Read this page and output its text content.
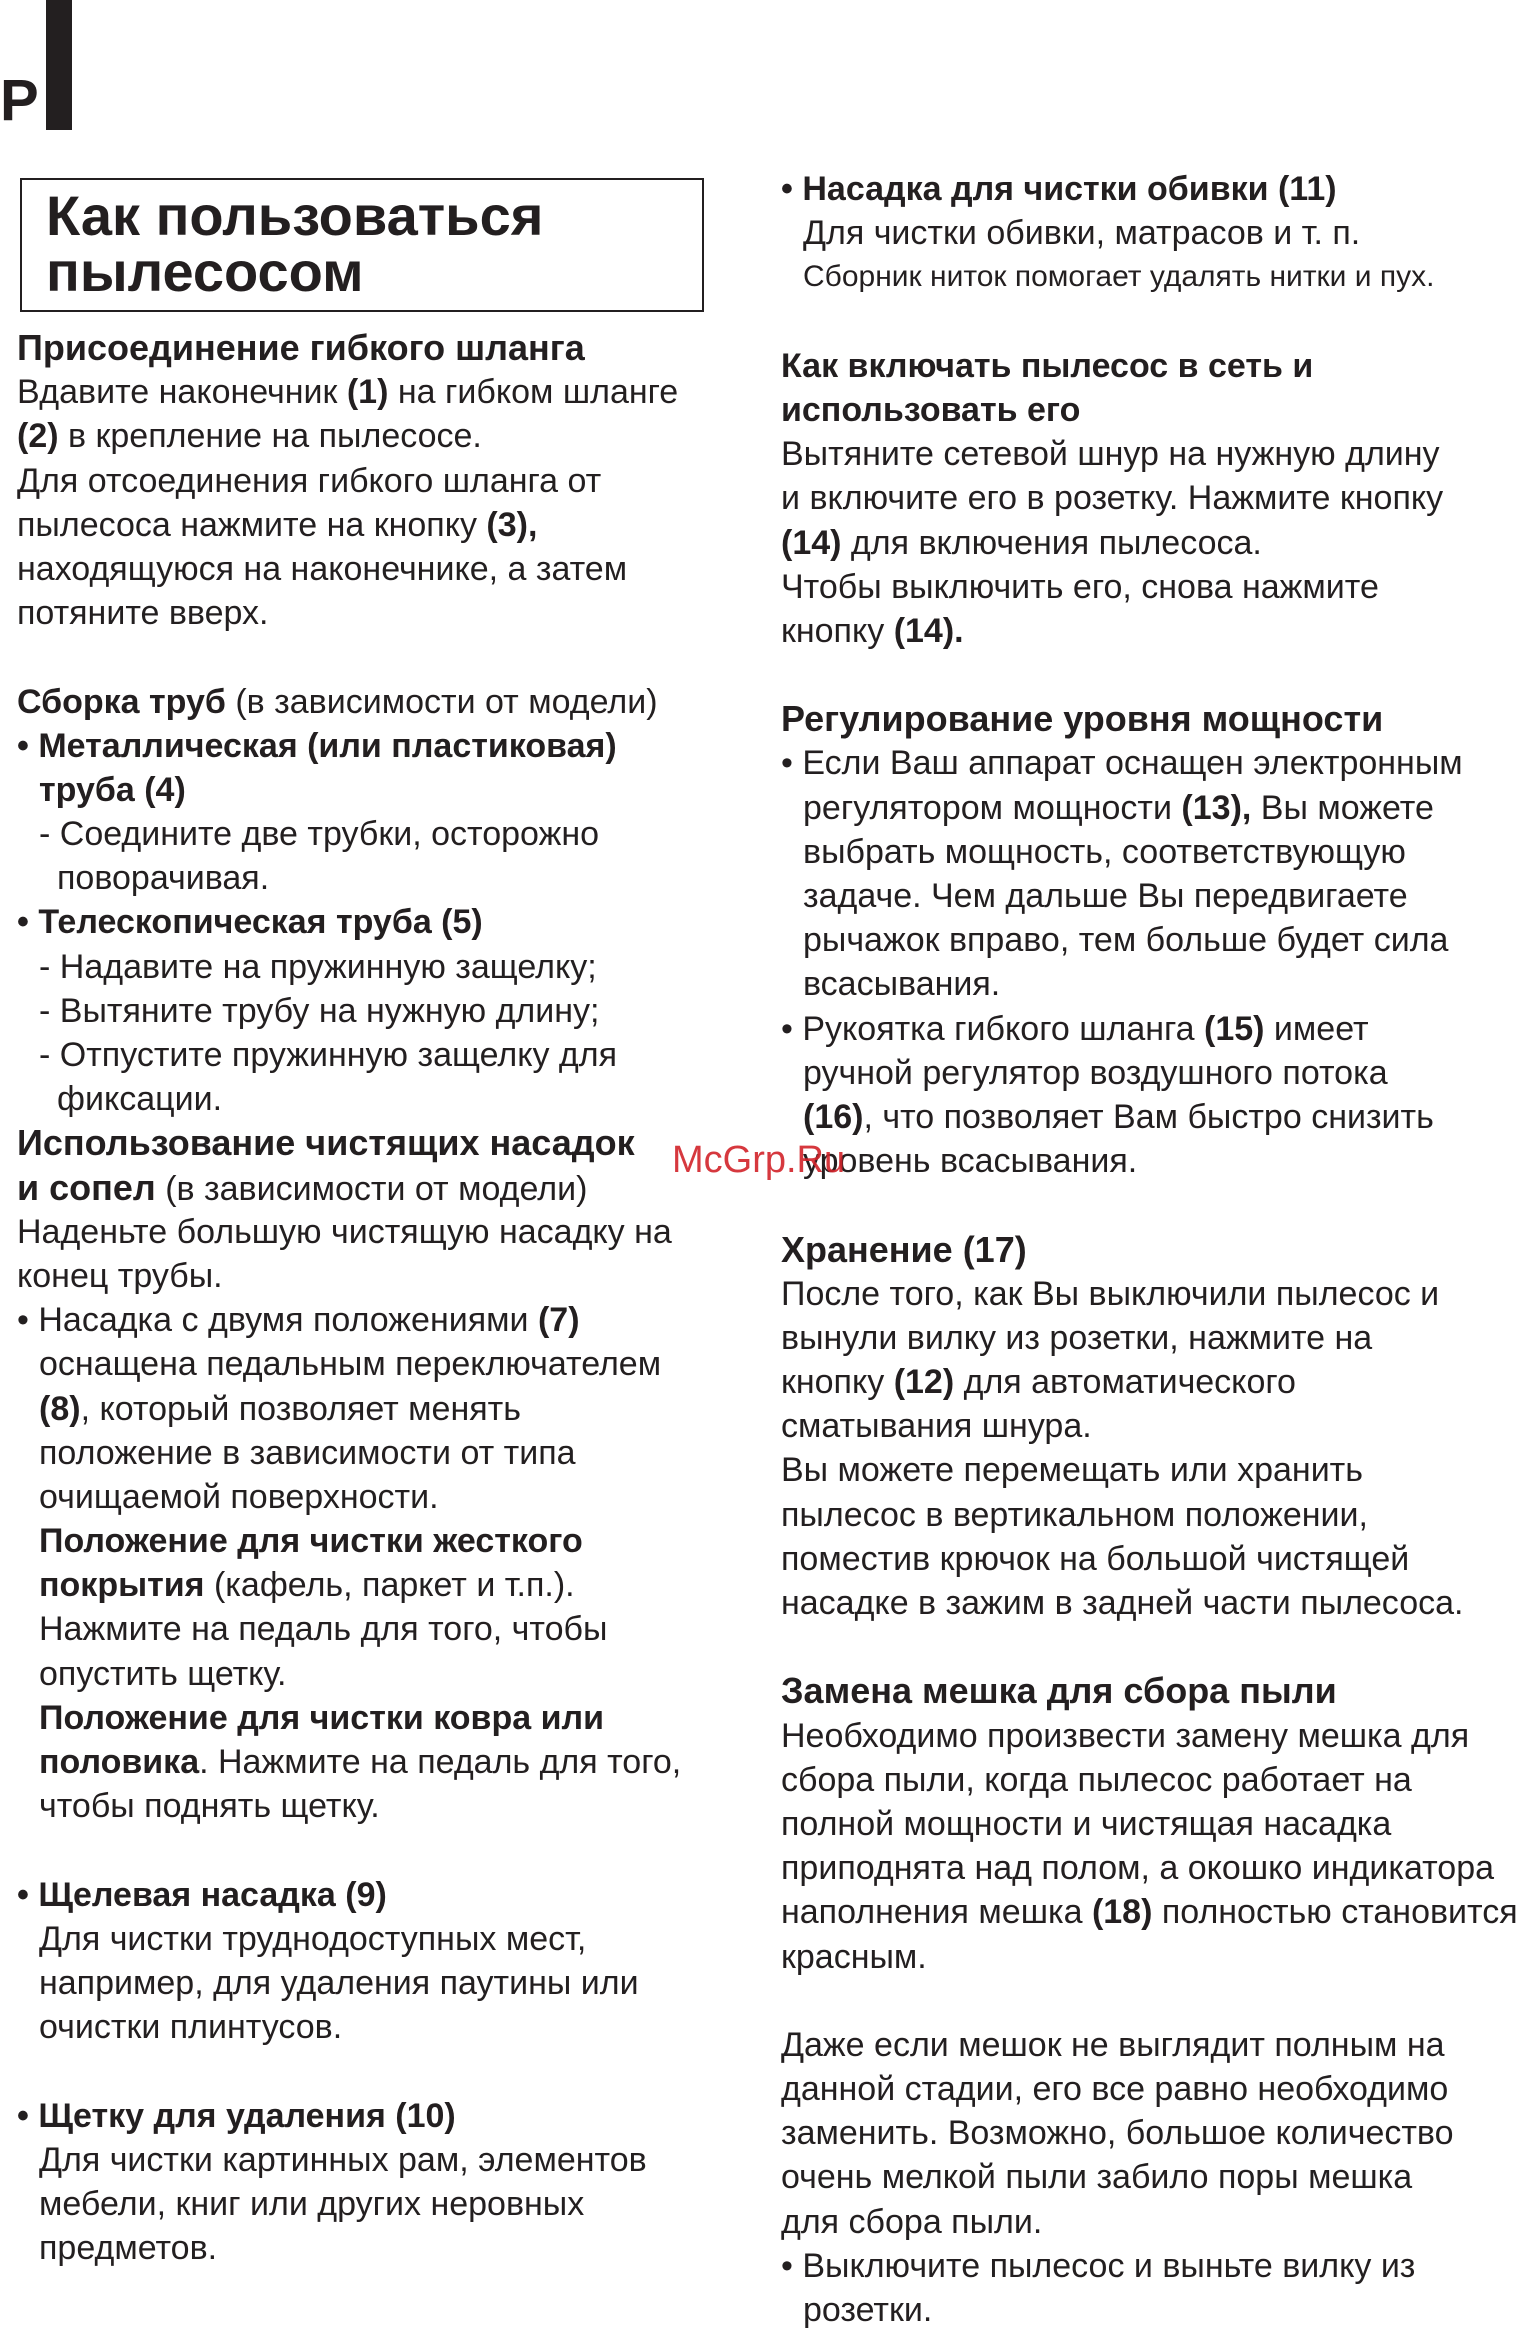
P
Как пользоваться
пылесосом
Присоединение гибкого шланга
Вдавите наконечник (1) на гибком шланге
(2) в крепление на пылесосе.
Для отсоединения гибкого шланга от
пылесоса нажмите на кнопку (3),
находящуюся на наконечнике, а затем
потяните вверх.
Сборка труб (в зависимости от модели)
• Металлическая (или пластиковая)
труба (4)
- Соедините две трубки, осторожно
поворачивая.
• Телескопическая труба (5)
- Надавите на пружинную защелку;
- Вытяните трубу на нужную длину;
- Отпустите пружинную защелку для
фиксации.
Использование чистящих насадок
и сопел (в зависимости от модели)
Наденьте большую чистящую насадку на
конец трубы.
• Насадка с двумя положениями (7)
оснащена педальным переключателем
(8), который позволяет менять
положение в зависимости от типа
очищаемой поверхности.
Положение для чистки жесткого
покрытия (кафель, паркет и т.п.).
Нажмите на педаль для того, чтобы
опустить щетку.
Положение для чистки ковра или
половика. Нажмите на педаль для того,
чтобы поднять щетку.
• Щелевая насадка (9)
Для чистки труднодоступных мест,
например, для удаления паутины или
очистки плинтусов.
• Щетку для удаления (10)
Для чистки картинных рам, элементов
мебели, книг или других неровных
предметов.
• Насадка для чистки обивки (11)
Для чистки обивки, матрасов и т. п.
Сборник ниток помогает удалять нитки и пух.
Как включать пылесос в сеть и
использовать его
Вытяните сетевой шнур на нужную длину
и включите его в розетку. Нажмите кнопку
(14) для включения пылесоса.
Чтобы выключить его, снова нажмите
кнопку (14).
Регулирование уровня мощности
• Если Ваш аппарат оснащен электронным
регулятором мощности (13), Вы можете
выбрать мощность, соответствующую
задаче. Чем дальше Вы передвигаете
рычажок вправо, тем больше будет сила
всасывания.
• Рукоятка гибкого шланга (15) имеет
ручной регулятор воздушного потока
(16), что позволяет Вам быстро снизить
уровень всасывания.
Хранение (17)
После того, как Вы выключили пылесос и
вынули вилку из розетки, нажмите на
кнопку (12) для автоматического
сматывания шнура.
Вы можете перемещать или хранить
пылесос в вертикальном положении,
поместив крючок на большой чистящей
насадке в зажим в задней части пылесоса.
Замена мешка для сбора пыли
Необходимо произвести замену мешка для
сбора пыли, когда пылесос работает на
полной мощности и чистящая насадка
приподнята над полом, а окошко индикатора
наполнения мешка (18) полностью становится
красным.
Даже если мешок не выглядит полным на
данной стадии, его все равно необходимо
заменить. Возможно, большое количество
очень мелкой пыли забило поры мешка
для сбора пыли.
• Выключите пылесос и выньте вилку из
розетки.
McGrp.Ru
